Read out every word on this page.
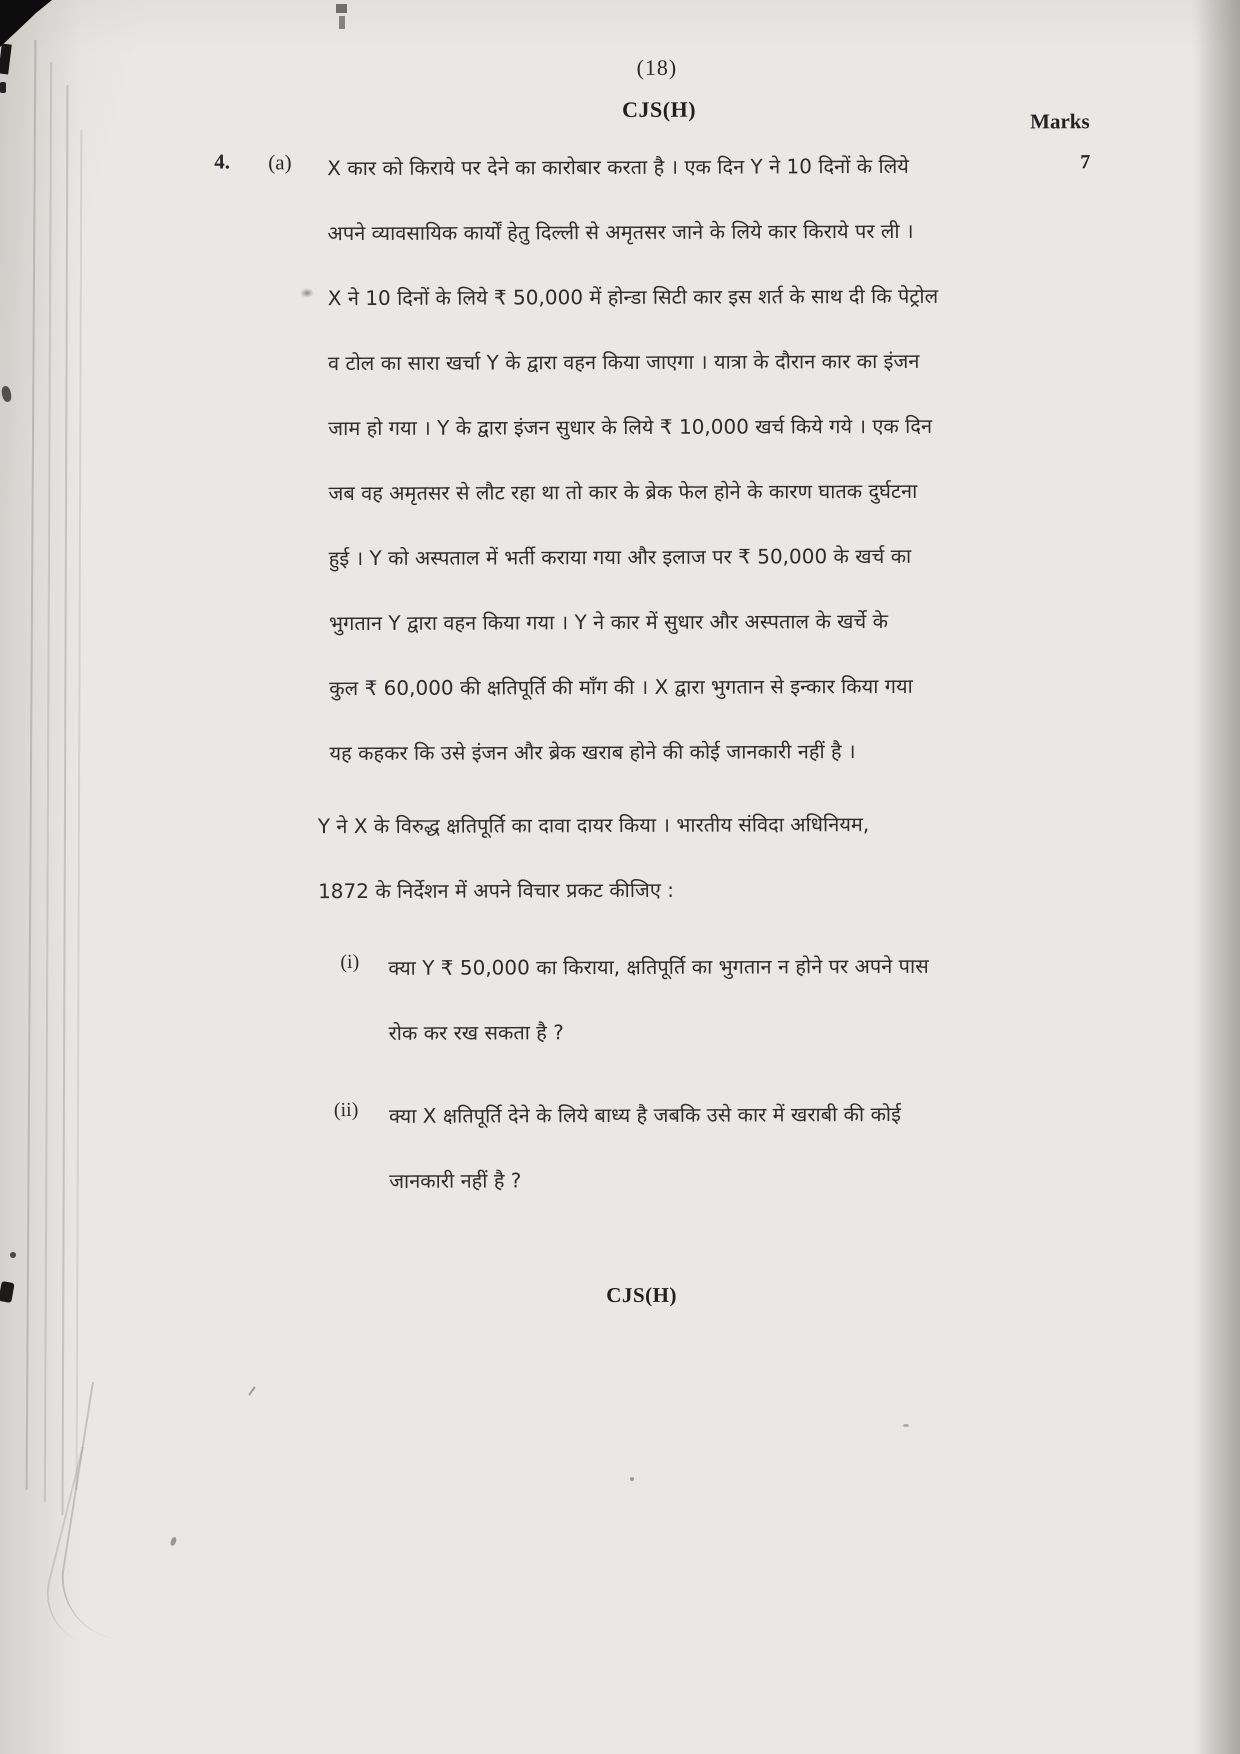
(18)
CJS(H)	Marks
4. (a)	7
X कार को किराये पर देने का कारोबार करता है । एक दिन Y ने 10 दिनों के लिये
अपने व्यावसायिक कार्यों हेतु दिल्ली से अमृतसर जाने के लिये कार किराये पर ली ।
X ने 10 दिनों के लिये ₹ 50,000 में होन्डा सिटी कार इस शर्त के साथ दी कि पेट्रोल
व टोल का सारा खर्चा Y के द्वारा वहन किया जाएगा । यात्रा के दौरान कार का इंजन
जाम हो गया । Y के द्वारा इंजन सुधार के लिये ₹ 10,000 खर्च किये गये । एक दिन
जब वह अमृतसर से लौट रहा था तो कार के ब्रेक फेल होने के कारण घातक दुर्घटना
हुई । Y को अस्पताल में भर्ती कराया गया और इलाज पर ₹ 50,000 के खर्च का
भुगतान Y द्वारा वहन किया गया । Y ने कार में सुधार और अस्पताल के खर्चे के
कुल ₹ 60,000 की क्षतिपूर्ति की माँग की । X द्वारा भुगतान से इन्कार किया गया
यह कहकर कि उसे इंजन और ब्रेक खराब होने की कोई जानकारी नहीं है ।
Y ने X के विरुद्ध क्षतिपूर्ति का दावा दायर किया । भारतीय संविदा अधिनियम,
1872 के निर्देशन में अपने विचार प्रकट कीजिए :
(i) क्या Y ₹ 50,000 का किराया, क्षतिपूर्ति का भुगतान न होने पर अपने पास
रोक कर रख सकता है ?
(ii) क्या X क्षतिपूर्ति देने के लिये बाध्य है जबकि उसे कार में खराबी की कोई
जानकारी नहीं है ?
CJS(H)
